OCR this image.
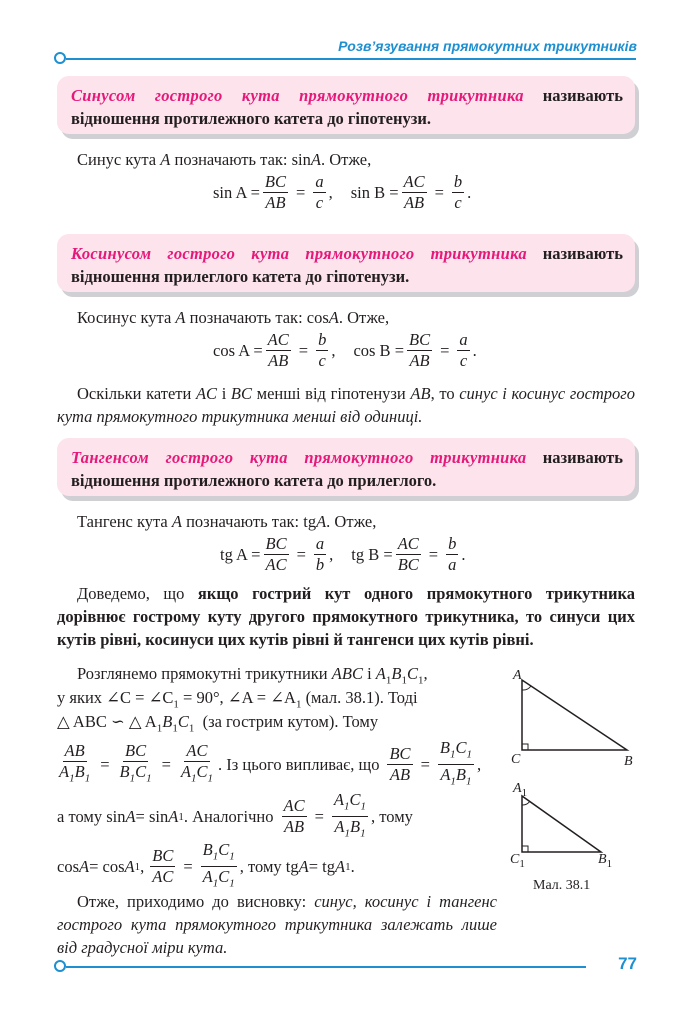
Розв’язування прямокутних трикутників
Синусом гострого кута прямокутного трикутника називають відношення протилежного катета до гіпотенузи.
Синус кута A позначають так: sinA. Отже,
$\sin A = \frac{BC}{AB} = \frac{a}{c}$ , $\sin B = \frac{AC}{AB} = \frac{b}{c}$ .
Косинусом гострого кута прямокутного трикутника називають відношення прилеглого катета до гіпотенузи.
Косинус кута A позначають так: cosA. Отже,
$\cos A = \frac{AC}{AB} = \frac{b}{c}$ , $\cos B = \frac{BC}{AB} = \frac{a}{c}$ .
Оскільки катети AC і BC менші від гіпотенузи AB, то синус і косинус гострого кута прямокутного трикутника менші від одиниці.
Тангенсом гострого кута прямокутного трикутника називають відношення протилежного катета до прилеглого.
Тангенс кута A позначають так: tgA. Отже,
tg $A = \frac{BC}{AC} = \frac{a}{b}$ , tg $B = \frac{AC}{BC} = \frac{b}{a}$ .
Доведемо, що якщо гострий кут одного прямокутного трикутника дорівнює гострому куту другого прямокутного трикутника, то синуси цих кутів рівні, косинуси цих кутів рівні й тангенси цих кутів рівні.
Розглянемо прямокутні трикутники ABC і $A_1B_1C_1$,
у яких ∠C = $\angle C_1 = 90^\circ$, ∠A = $\angle A_1$ (мал. 38.1). Тоді
△ ABC ∽ △ $A_1B_1C_1$ (за гострим кутом). Тому
$\frac{AB}{A_1B_1} = \frac{BC}{B_1C_1} = \frac{AC}{A_1C_1}$ . Із цього випливає, що $\frac{BC}{AB} = \frac{B_1C_1}{A_1B_1}$ ,
а тому sin A = sin A 1 . Аналогічно $\frac{AC}{AB} = \frac{A_1C_1}{A_1B_1}$ , тому
cos A = cos A 1 , $\frac{BC}{AC} = \frac{B_1C_1}{A_1C_1}$ , тому tg A = tg A 1 .
Отже, приходимо до висновку: синус, косинус і тангенс гострого кута прямокутного трикутника залежать лише від градусної міри кута.
A
C	B
$A_1$
$C_1$	$B_1$
Мал. 38.1
77
